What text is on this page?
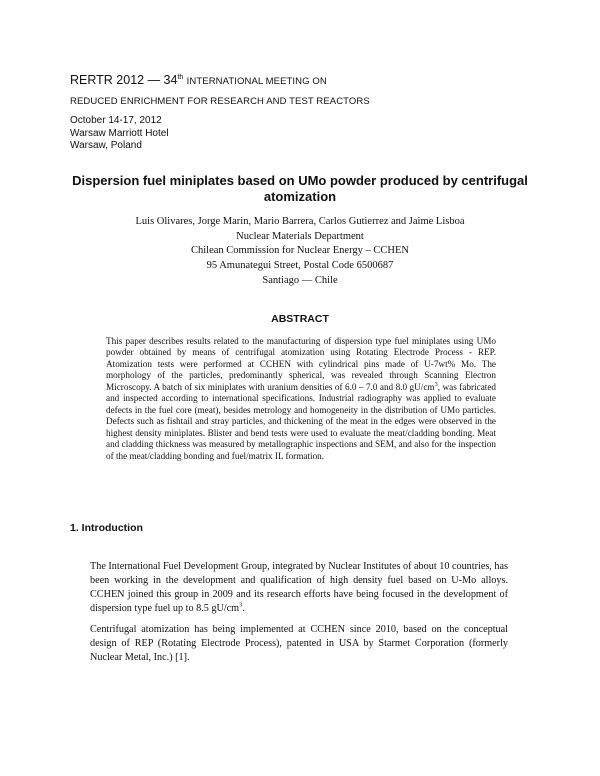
RERTR 2012 — 34th INTERNATIONAL MEETING ON
REDUCED ENRICHMENT FOR RESEARCH AND TEST REACTORS
October 14-17, 2012
Warsaw Marriott Hotel
Warsaw, Poland
Dispersion fuel miniplates based on UMo powder produced by centrifugal atomization
Luis Olivares, Jorge Marin, Mario Barrera, Carlos Gutierrez and Jaime Lisboa
Nuclear Materials Department
Chilean Commission for Nuclear Energy – CCHEN
95 Amunategui Street, Postal Code 6500687
Santiago — Chile
ABSTRACT
This paper describes results related to the manufacturing of dispersion type fuel miniplates using UMo powder obtained by means of centrifugal atomization using Rotating Electrode Process - REP. Atomization tests were performed at CCHEN with cylindrical pins made of U-7wt% Mo. The morphology of the particles, predominantly spherical, was revealed through Scanning Electron Microscopy. A batch of six miniplates with uranium densities of 6.0 – 7.0 and 8.0 $gU/cm^3$, was fabricated and inspected according to international specifications. Industrial radiography was applied to evaluate defects in the fuel core (meat), besides metrology and homogeneity in the distribution of UMo particles. Defects such as fishtail and stray particles, and thickening of the meat in the edges were observed in the highest density miniplates. Blister and bend tests were used to evaluate the meat/cladding bonding. Meat and cladding thickness was measured by metallographic inspections and SEM, and also for the inspection of the meat/cladding bonding and fuel/matrix IL formation.
1. Introduction
The International Fuel Development Group, integrated by Nuclear Institutes of about 10 countries, has been working in the development and qualification of high density fuel based on U-Mo alloys. CCHEN joined this group in 2009 and its research efforts have being focused in the development of dispersion type fuel up to 8.5 $gU/cm^3$.
Centrifugal atomization has being implemented at CCHEN since 2010, based on the conceptual design of REP (Rotating Electrode Process), patented in USA by Starmet Corporation (formerly Nuclear Metal, Inc.) [1].
